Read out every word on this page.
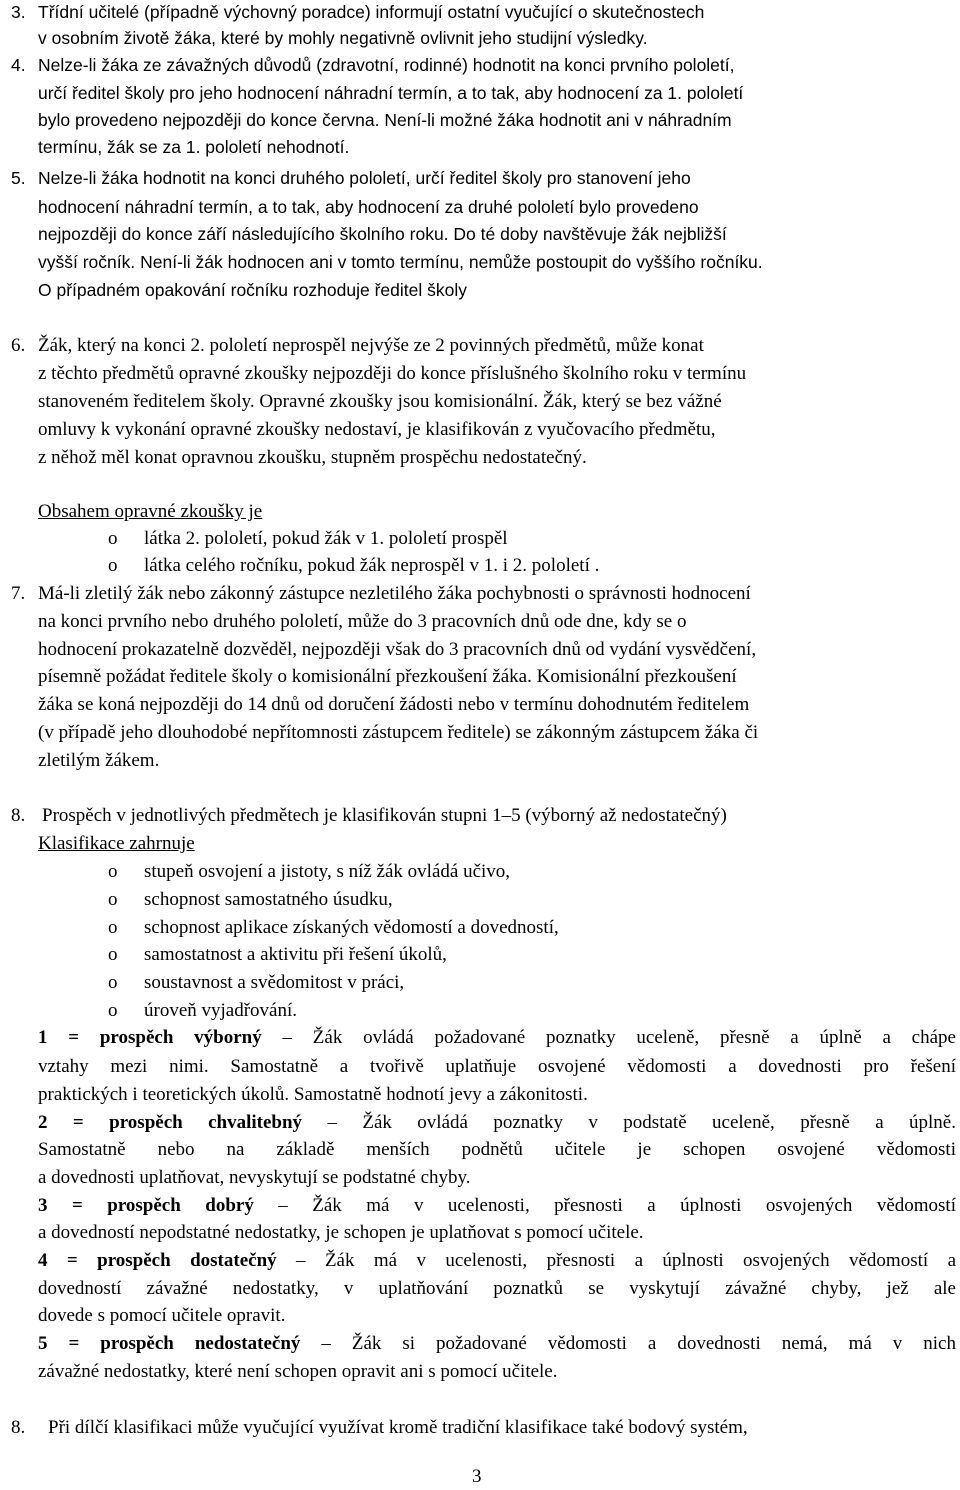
3. Třídní učitelé (případně výchovný poradce) informují ostatní vyučující o skutečnostech
v osobním životě žáka, které by mohly negativně ovlivnit jeho studijní výsledky.
4. Nelze-li žáka ze závažných důvodů (zdravotní, rodinné) hodnotit na konci prvního pololetí,
určí ředitel školy pro jeho hodnocení náhradní termín, a to tak, aby hodnocení za 1. pololetí
bylo provedeno nejpozději do konce června. Není-li možné žáka hodnotit ani v náhradním
termínu, žák se za 1. pololetí nehodnotí.
5. Nelze-li žáka hodnotit na konci druhého pololetí, určí ředitel školy pro stanovení jeho
hodnocení náhradní termín, a to tak, aby hodnocení za druhé pololetí bylo provedeno
nejpozději do konce září následujícího školního roku. Do té doby navštěvuje žák nejbližší
vyšší ročník. Není-li žák hodnocen ani v tomto termínu, nemůže postoupit do vyššího ročníku.
O případném opakování ročníku rozhoduje ředitel školy
6. Žák, který na konci 2. pololetí neprospěl nejvýše ze 2 povinných předmětů, může konat
z těchto předmětů opravné zkoušky nejpozději do konce příslušného školního roku v termínu
stanoveném ředitelem školy. Opravné zkoušky jsou komisionální. Žák, který se bez vážné
omluvy k vykonání opravné zkoušky nedostaví, je klasifikován z vyučovacího předmětu,
z něhož měl konat opravnou zkoušku, stupněm prospěchu nedostatečný.
Obsahem opravné zkoušky je
o látka 2. pololetí, pokud žák v 1. pololetí prospěl
o látka celého ročníku, pokud žák neprospěl v 1. i 2. pololetí .
7. Má-li zletilý žák nebo zákonný zástupce nezletilého žáka pochybnosti o správnosti hodnocení
na konci prvního nebo druhého pololetí, může do 3 pracovních dnů ode dne, kdy se o
hodnocení prokazatelně dozvěděl, nejpozději však do 3 pracovních dnů od vydání vysvědčení,
písemně požádat ředitele školy o komisionální přezkoušení žáka. Komisionální přezkoušení
žáka se koná nejpozději do 14 dnů od doručení žádosti nebo v termínu dohodnutém ředitelem
(v případě jeho dlouhodobé nepřítomnosti zástupcem ředitele) se zákonným zástupcem žáka či
zletilým žákem.
8. Prospěch v jednotlivých předmětech je klasifikován stupni 1–5 (výborný až nedostatečný)
Klasifikace zahrnuje
o stupeň osvojení a jistoty, s níž žák ovládá učivo,
o schopnost samostatného úsudku,
o schopnost aplikace získaných vědomostí a dovedností,
o samostatnost a aktivitu při řešení úkolů,
o soustavnost a svědomitost v práci,
o úroveň vyjadřování.
1 = prospěch výborný – Žák ovládá požadované poznatky uceleně, přesně a úplně a chápe
vztahy mezi nimi. Samostatně a tvořivě uplatňuje osvojené vědomosti a dovednosti pro řešení
praktických i teoretických úkolů. Samostatně hodnotí jevy a zákonitosti.
2 = prospěch chvalitebný – Žák ovládá poznatky v podstatě uceleně, přesně a úplně.
Samostatně nebo na základě menších podnětů učitele je schopen osvojené vědomosti
a dovednosti uplatňovat, nevyskytují se podstatné chyby.
3 = prospěch dobrý – Žák má v ucelenosti, přesnosti a úplnosti osvojených vědomostí
a dovedností nepodstatné nedostatky, je schopen je uplatňovat s pomocí učitele.
4 = prospěch dostatečný – Žák má v ucelenosti, přesnosti a úplnosti osvojených vědomostí a
dovedností závažné nedostatky, v uplatňování poznatků se vyskytují závažné chyby, jež ale
dovede s pomocí učitele opravit.
5 = prospěch nedostatečný – Žák si požadované vědomosti a dovednosti nemá, má v nich
závažné nedostatky, které není schopen opravit ani s pomocí učitele.
8. Při dílčí klasifikaci může vyučující využívat kromě tradiční klasifikace také bodový systém,
3
